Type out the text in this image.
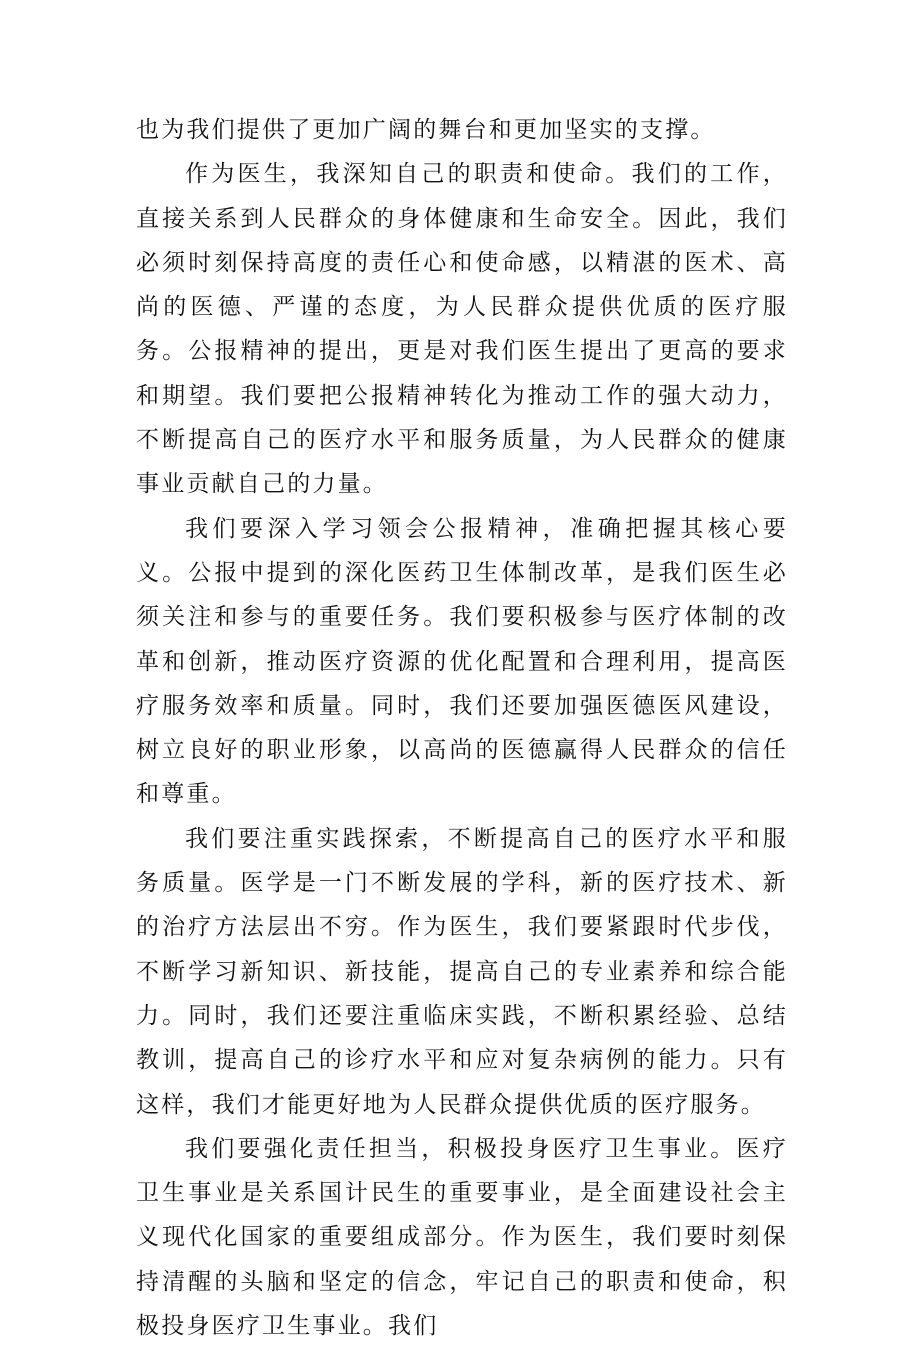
也为我们提供了更加广阔的舞台和更加坚实的支撑。

作为医生，我深知自己的职责和使命。我们的工作，直接关系到人民群众的身体健康和生命安全。因此，我们必须时刻保持高度的责任心和使命感，以精湛的医术、高尚的医德、严谨的态度，为人民群众提供优质的医疗服务。公报精神的提出，更是对我们医生提出了更高的要求和期望。我们要把公报精神转化为推动工作的强大动力，不断提高自己的医疗水平和服务质量，为人民群众的健康事业贡献自己的力量。

我们要深入学习领会公报精神，准确把握其核心要义。公报中提到的深化医药卫生体制改革，是我们医生必须关注和参与的重要任务。我们要积极参与医疗体制的改革和创新，推动医疗资源的优化配置和合理利用，提高医疗服务效率和质量。同时，我们还要加强医德医风建设，树立良好的职业形象，以高尚的医德赢得人民群众的信任和尊重。

我们要注重实践探索，不断提高自己的医疗水平和服务质量。医学是一门不断发展的学科，新的医疗技术、新的治疗方法层出不穷。作为医生，我们要紧跟时代步伐，不断学习新知识、新技能，提高自己的专业素养和综合能力。同时，我们还要注重临床实践，不断积累经验、总结教训，提高自己的诊疗水平和应对复杂病例的能力。只有这样，我们才能更好地为人民群众提供优质的医疗服务。

我们要强化责任担当，积极投身医疗卫生事业。医疗卫生事业是关系国计民生的重要事业，是全面建设社会主义现代化国家的重要组成部分。作为医生，我们要时刻保持清醒的头脑和坚定的信念，牢记自己的职责和使命，积极投身医疗卫生事业。我们
